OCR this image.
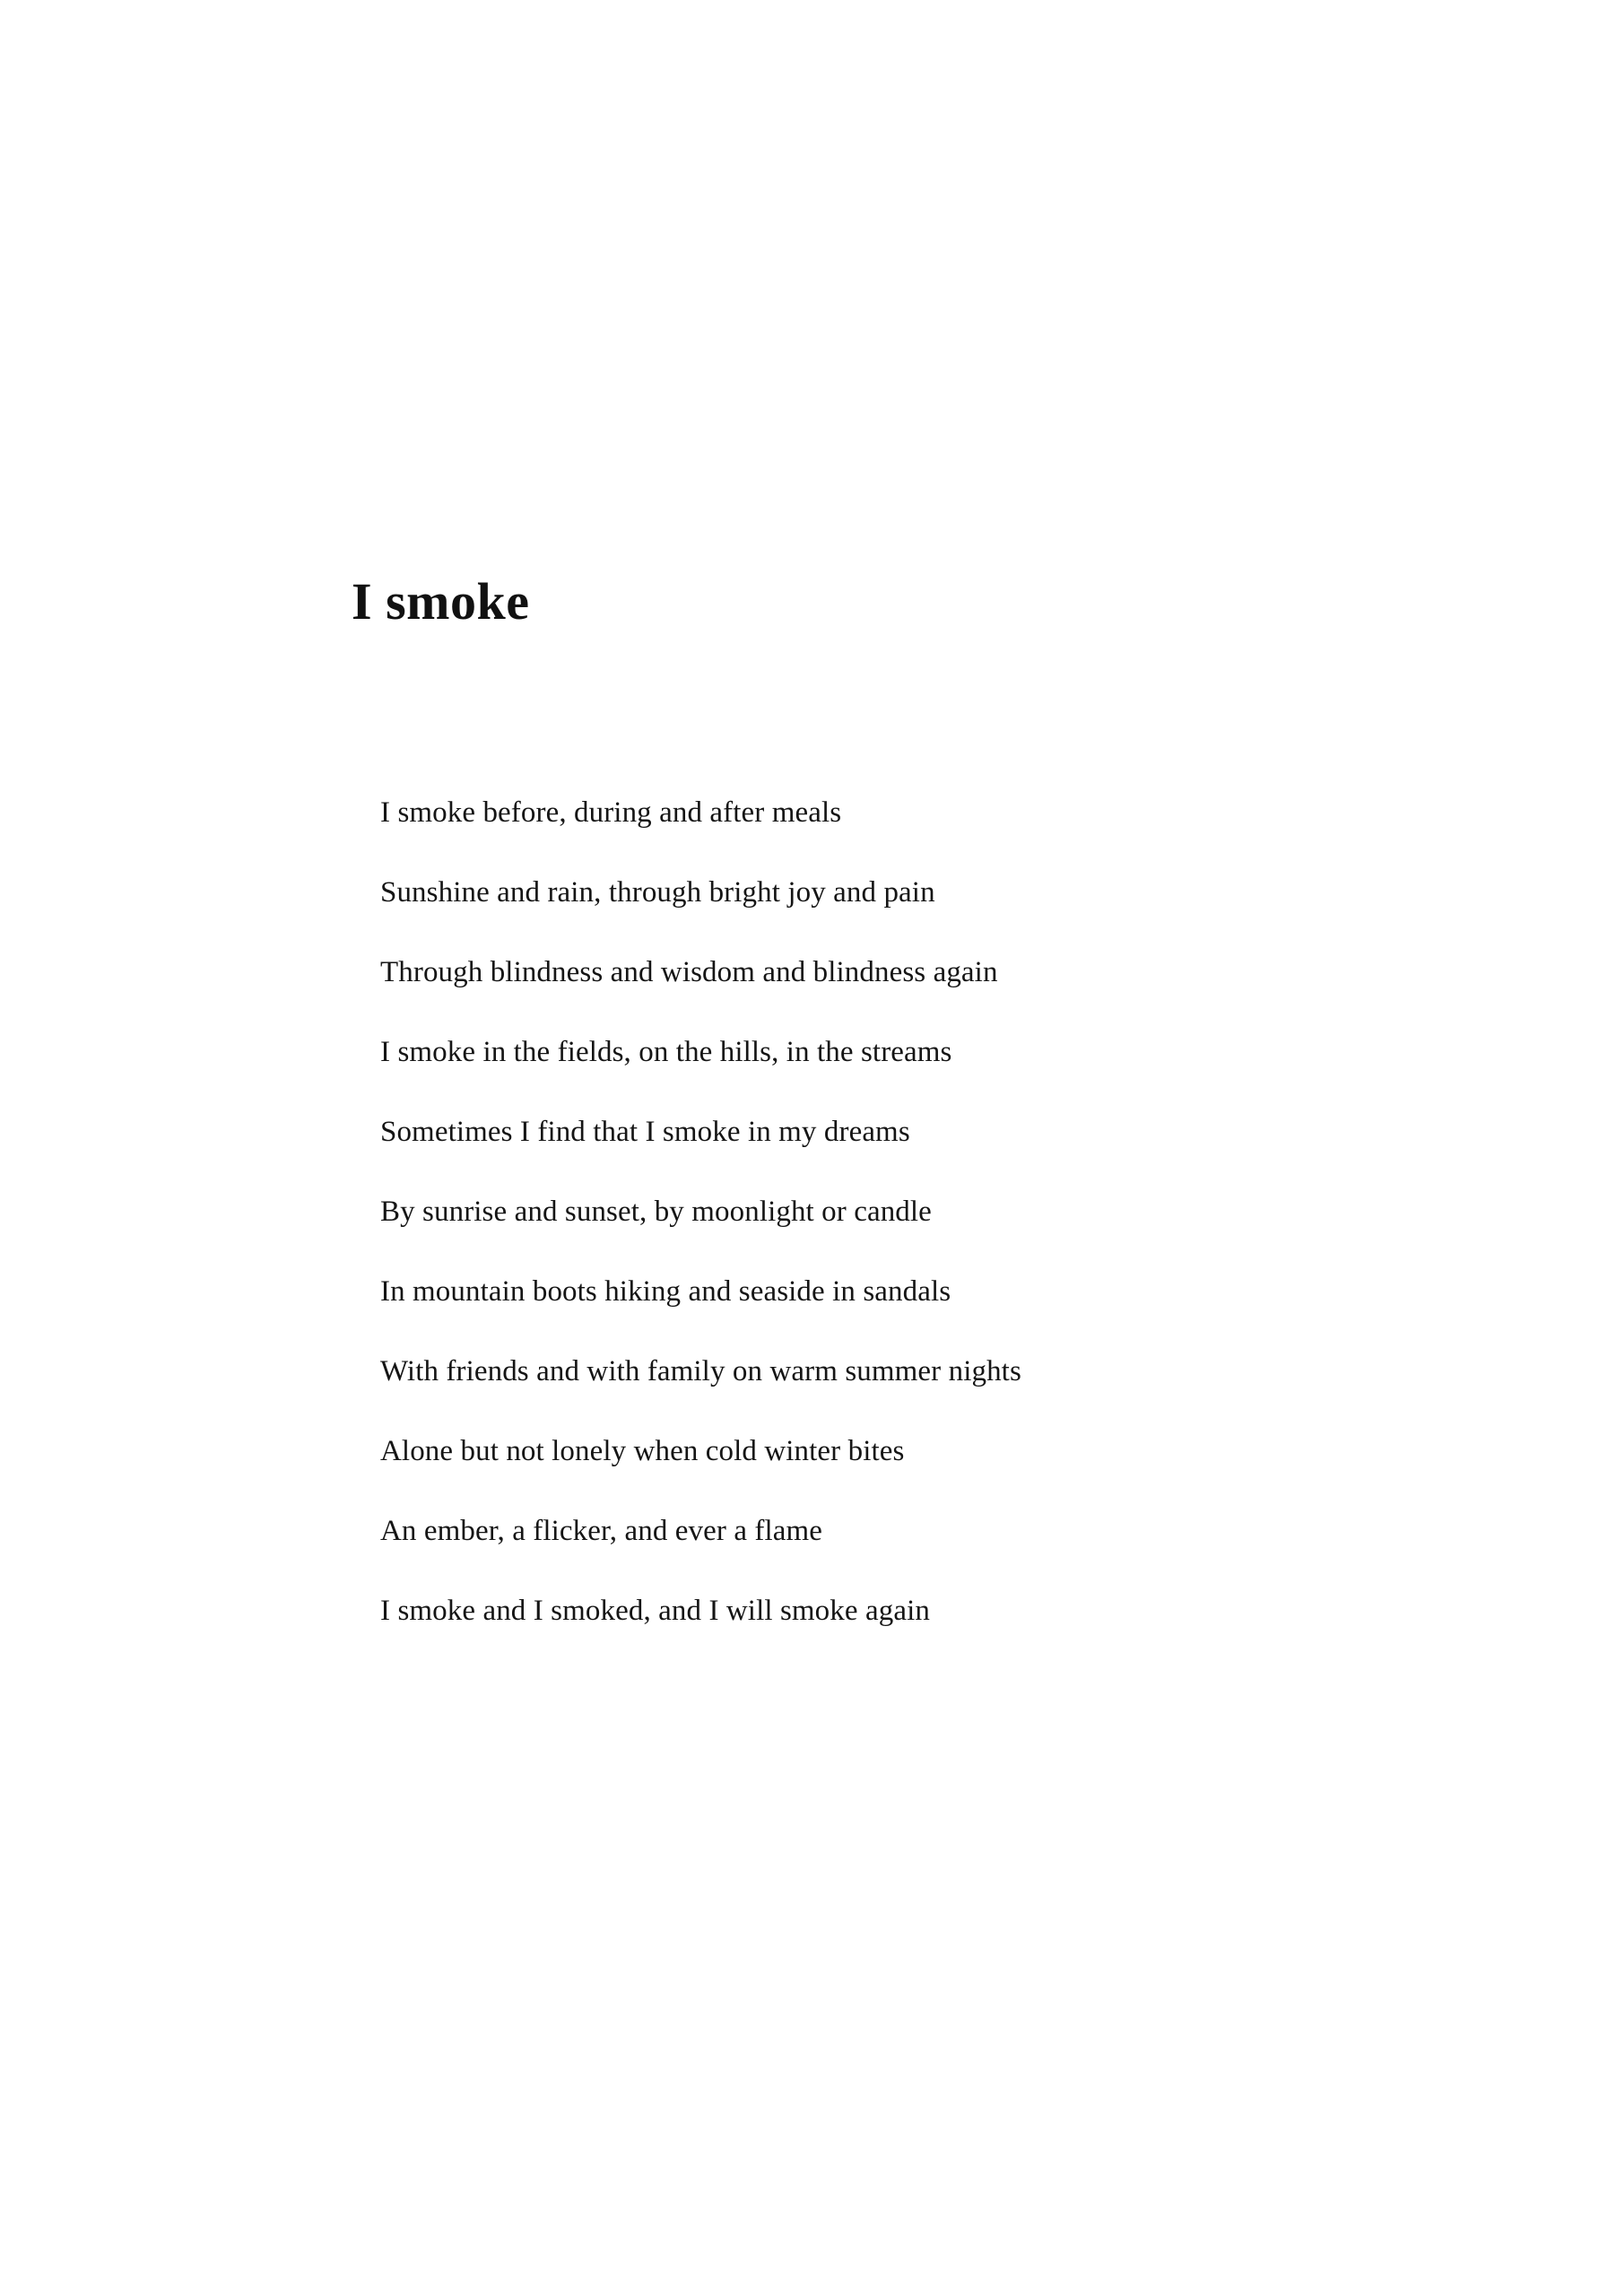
I smoke
I smoke before, during and after meals
Sunshine and rain, through bright joy and pain
Through blindness and wisdom and blindness again
I smoke in the fields, on the hills, in the streams
Sometimes I find that I smoke in my dreams
By sunrise and sunset, by moonlight or candle
In mountain boots hiking and seaside in sandals
With friends and with family on warm summer nights
Alone but not lonely when cold winter bites
An ember, a flicker, and ever a flame
I smoke and I smoked, and I will smoke again
